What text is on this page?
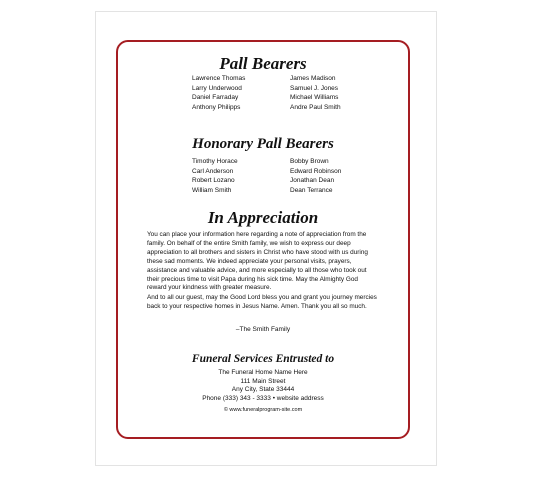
Pall Bearers
Lawrence Thomas
Larry Underwood
Daniel Farraday
Anthony Philipps
James Madison
Samuel J. Jones
Michael Williams
Andre Paul Smith
Honorary Pall Bearers
Timothy Horace
Carl Anderson
Robert Lozano
William Smith
Bobby Brown
Edward Robinson
Jonathan Dean
Dean Terrance
In Appreciation

You can place your information here regarding a note of appreciation from the family. On behalf of the entire Smith family, we wish to express our deep appreciation to all brothers and sisters in Christ who have stood with us during these sad moments. We indeed appreciate your personal visits, prayers, assistance and valuable advice, and more especially to all those who took out their precious time to visit Papa during his sick time. May the Almighty God reward your kindness with greater measure.

And to all our guest, may the Good Lord bless you and grant you journey mercies back to your respective homes in Jesus Name. Amen. Thank you all so much.

–The Smith Family
Funeral Services Entrusted to
The Funeral Home Name Here
111 Main Street
Any City, State 33444
Phone (333) 343 - 3333 • website address
© www.funeralprogram-site.com
